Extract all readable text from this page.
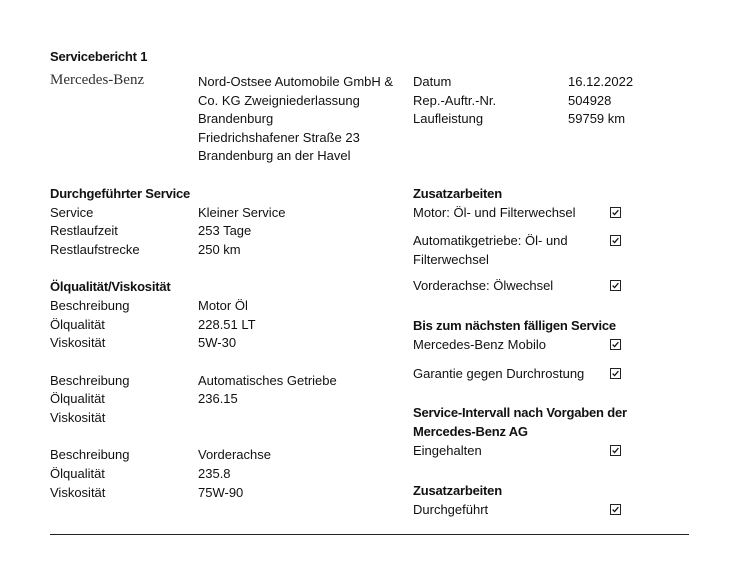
Servicebericht 1
Mercedes-Benz	Nord-Ostsee Automobile GmbH &
Co. KG Zweigniederlassung
Brandenburg
Friedrichshafener Straße 23
Brandenburg an der Havel
Datum	16.12.2022
Rep.-Auftr.-Nr.	504928
Laufleistung	59759 km
Durchgeführter Service
Service	Kleiner Service
Restlaufzeit	253 Tage
Restlaufstrecke	250 km
Ölqualität/Viskosität
Beschreibung	Motor Öl
Ölqualität	228.51 LT
Viskosität	5W-30
Beschreibung	Automatisches Getriebe
Ölqualität	236.15
Viskosität
Beschreibung	Vorderachse
Ölqualität	235.8
Viskosität	75W-90
Zusatzarbeiten
Motor: Öl- und Filterwechsel
Automatikgetriebe: Öl- und
Filterwechsel
Vorderachse: Ölwechsel
Bis zum nächsten fälligen Service
Mercedes-Benz Mobilo
Garantie gegen Durchrostung
Service-Intervall nach Vorgaben der
Mercedes-Benz AG
Eingehalten
Zusatzarbeiten
Durchgeführt
